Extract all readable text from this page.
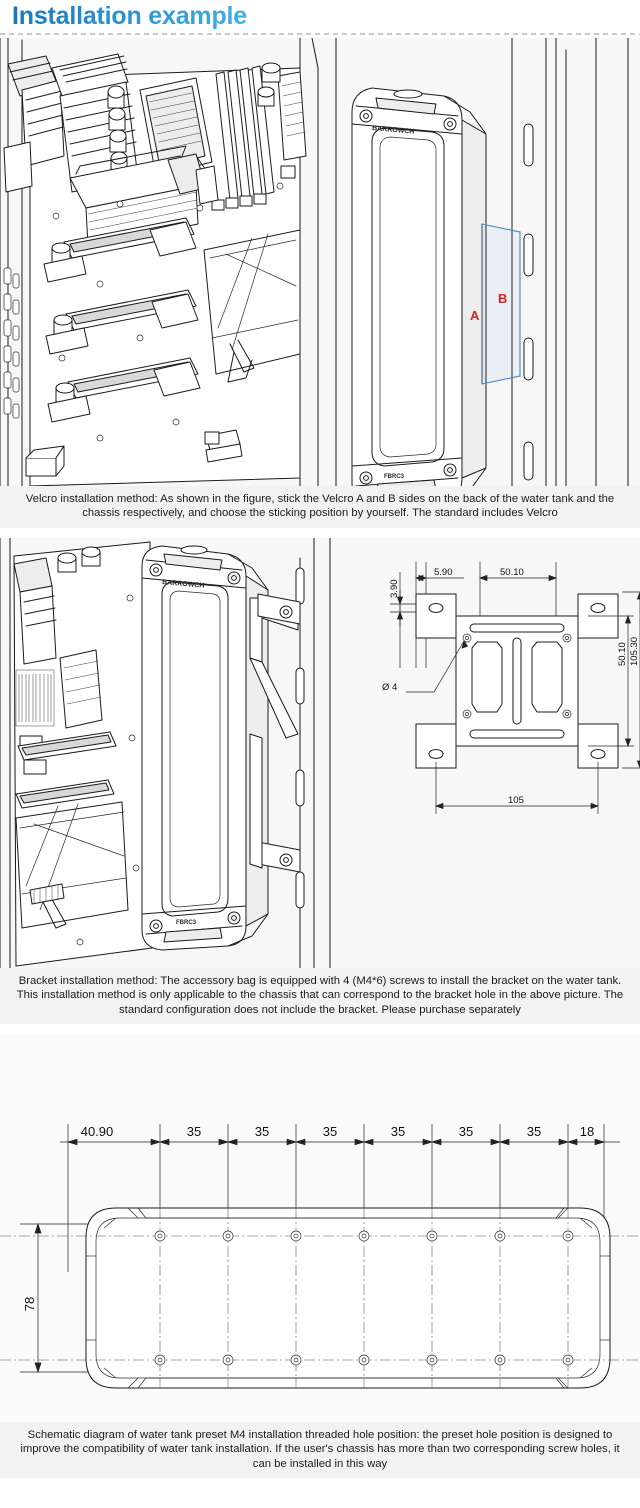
Installation example
BARROWCH
FBRC3
A
B
Velcro installation method: As shown in the figure, stick the Velcro A and B sides on the back of the water tank and the chassis respectively, and choose the sticking position by yourself. The standard includes Velcro
BARROWCH
FBRC3
5.90	50.10
3.90
Ø 4
50.10 105.30
105
Bracket installation method: The accessory bag is equipped with 4 (M4*6) screws to install the bracket on the water tank. This installation method is only applicable to the chassis that can correspond to the bracket hole in the above picture. The standard configuration does not include the bracket. Please purchase separately
40.90	35	35	35	35	35	35	18
78
Schematic diagram of water tank preset M4 installation threaded hole position: the preset hole position is designed to improve the compatibility of water tank installation. If the user's chassis has more than two corresponding screw holes, it can be installed in this way
